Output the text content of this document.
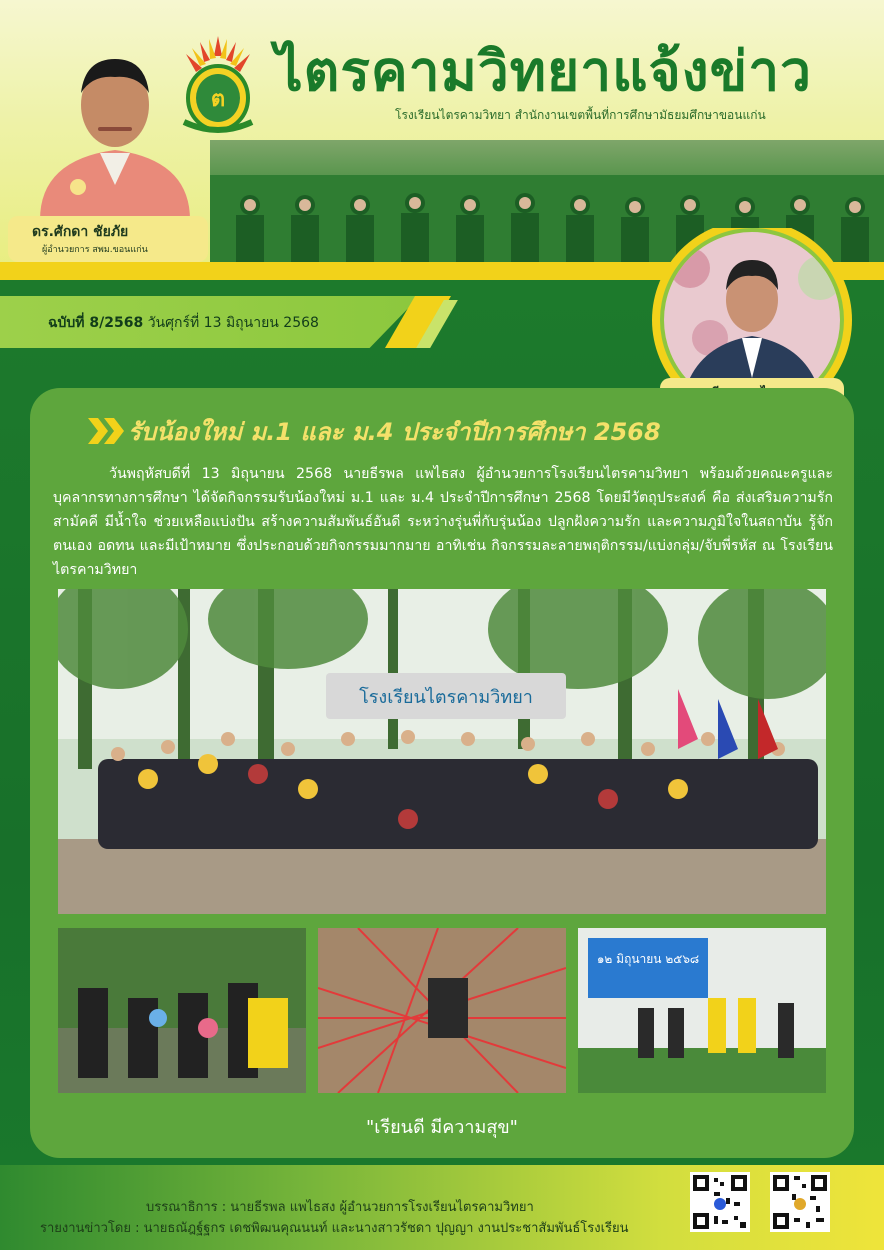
ไตรคามวิทยาแจ้งข่าว
โรงเรียนไตรคามวิทยา สำนักงานเขตพื้นที่การศึกษามัธยมศึกษาขอนแก่น
ต
ดร.ศักดา ชัยภัย
ผู้อำนวยการ สพม.ขอนแก่น
ฉบับที่ 8/2568 วันศุกร์ที่ 13 มิถุนายน 2568
รับน้องใหม่ ม.1 และ ม.4 ประจำปีการศึกษา 2568

วันพฤหัสบดีที่ 13 มิถุนายน 2568 นายธีรพล แพไธสง ผู้อำนวยการโรงเรียนไตรคามวิทยา พร้อมด้วยคณะครูและบุคลากรทางการศึกษา ได้จัดกิจกรรมรับน้องใหม่ ม.1 และ ม.4 ประจำปีการศึกษา 2568 โดยมีวัตถุประสงค์ คือ ส่งเสริมความรักสามัคคี มีน้ำใจ ช่วยเหลือแบ่งปัน สร้างความสัมพันธ์อันดี ระหว่างรุ่นพี่กับรุ่นน้อง ปลูกฝังความรัก และความภูมิใจในสถาบัน รู้จักตนเอง อดทน และมีเป้าหมาย ซึ่งประกอบด้วยกิจกรรมมากมาย อาทิเช่น กิจกรรมละลายพฤติกรรม/แบ่งกลุ่ม/จับพี่รหัส ณ โรงเรียนไตรคามวิทยา

โรงเรียนไตรคามวิทยา
๑๒ มิถุนายน ๒๕๖๘
"เรียนดี มีความสุข"
บรรณาธิการ : นายธีรพล แพไธสง ผู้อำนวยการโรงเรียนไตรคามวิทยา
รายงานข่าวโดย : นายธณัฎฐ์ฐกร เดชพิฒนคุณนนท์ และนางสาวรัชดา ปุญญา งานประชาสัมพันธ์โรงเรียน
